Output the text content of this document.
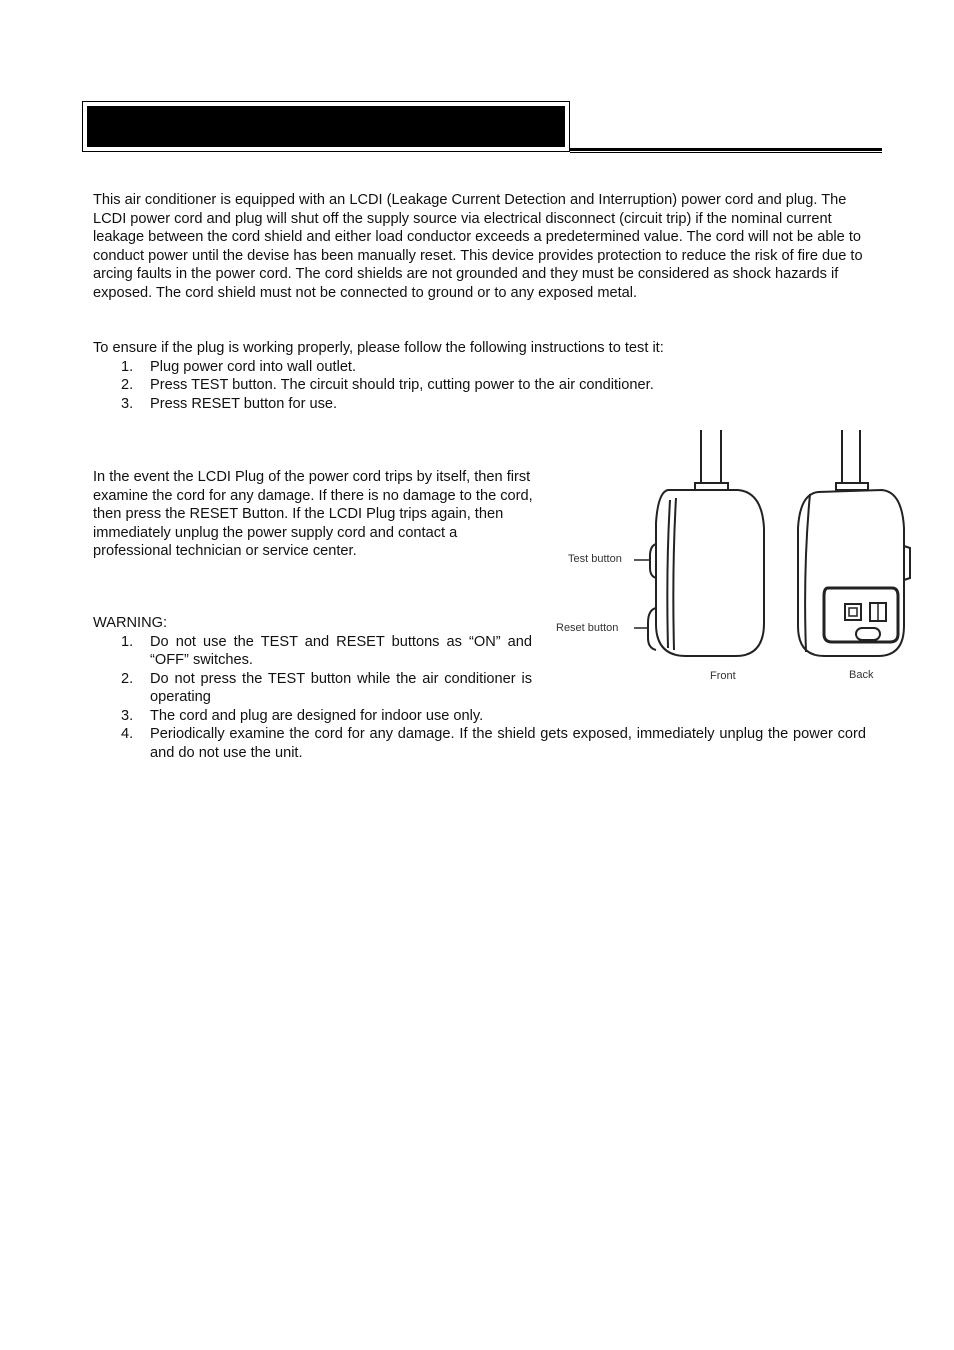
This air conditioner is equipped with an LCDI (Leakage Current Detection and Interruption) power cord and plug. The LCDI power cord and plug will shut off the supply source via electrical disconnect (circuit trip) if the nominal current leakage between the cord shield and either load conductor exceeds a predetermined value. The cord will not be able to conduct power until the devise has been manually reset. This device provides protection to reduce the risk of fire due to arcing faults in the power cord. The cord shields are not grounded and they must be considered as shock hazards if exposed. The cord shield must not be connected to ground or to any exposed metal.
To ensure if the plug is working properly, please follow the following instructions to test it:
1. Plug power cord into wall outlet.
2. Press TEST button. The circuit should trip, cutting power to the air conditioner.
3. Press RESET button for use.
In the event the LCDI Plug of the power cord trips by itself, then first examine the cord for any damage. If there is no damage to the cord, then press the RESET Button. If the LCDI Plug trips again, then immediately unplug the power supply cord and contact a professional technician or service center.
WARNING:
1. Do not use the TEST and RESET buttons as “ON” and “OFF” switches.
2. Do not press the TEST button while the air conditioner is operating
3. The cord and plug are designed for indoor use only.
4. Periodically examine the cord for any damage. If the shield gets exposed, immediately unplug the power cord and do not use the unit.
Test button
Reset button
Front	Back
